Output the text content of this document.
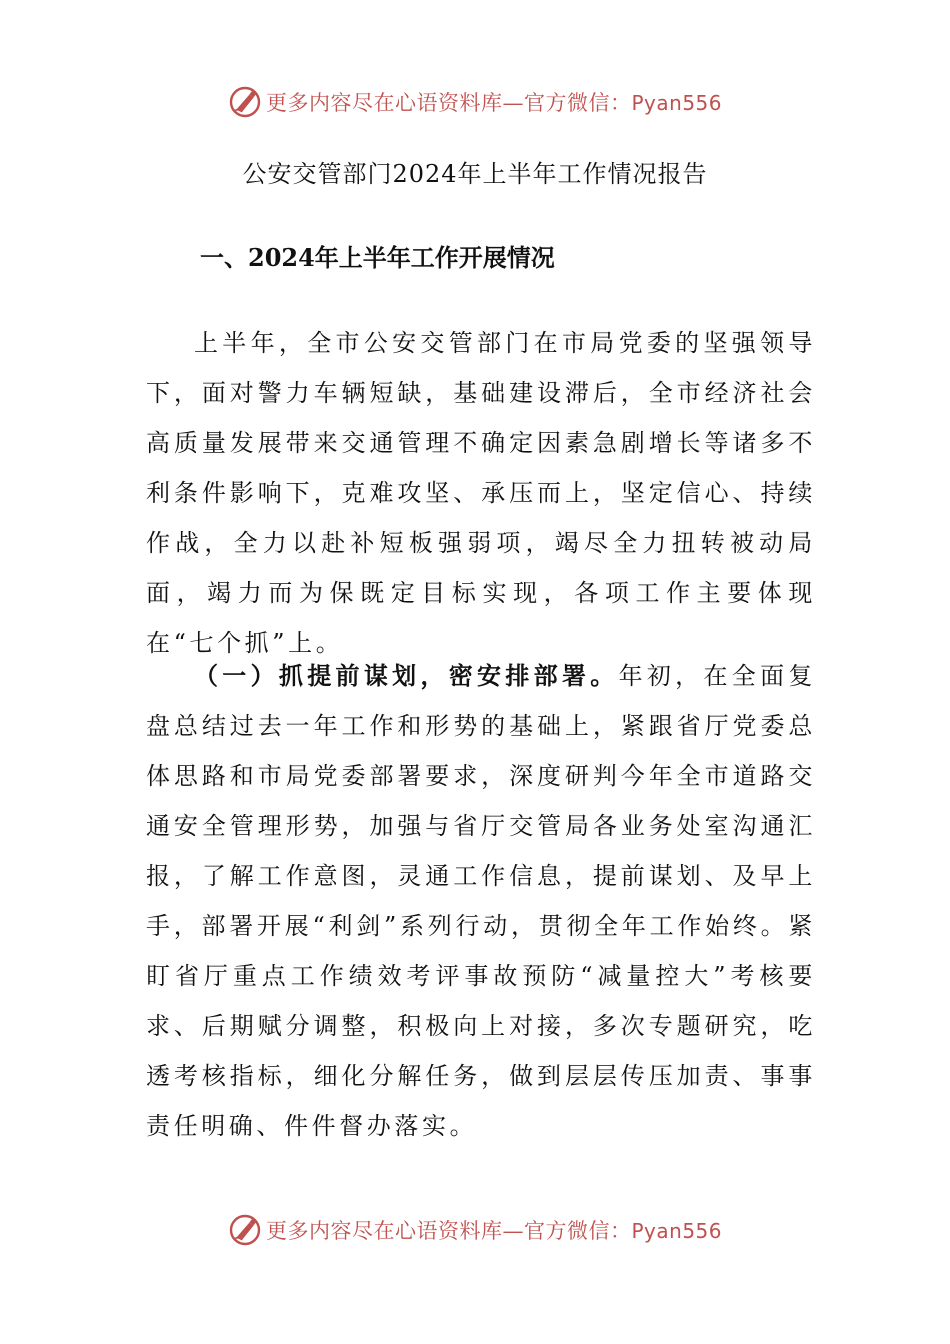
更多内容尽在心语资料库—官方微信：Pyan556
公安交管部门2024年上半年工作情况报告
一、2024年上半年工作开展情况

上半年，全市公安交管部门在市局党委的坚强领导下，面对警力车辆短缺，基础建设滞后，全市经济社会高质量发展带来交通管理不确定因素急剧增长等诸多不利条件影响下，克难攻坚、承压而上，坚定信心、持续作战，全力以赴补短板强弱项，竭尽全力扭转被动局面，竭力而为保既定目标实现，各项工作主要体现在“七个抓”上。

（一）抓提前谋划，密安排部署。年初，在全面复盘总结过去一年工作和形势的基础上，紧跟省厅党委总体思路和市局党委部署要求，深度研判今年全市道路交通安全管理形势，加强与省厅交管局各业务处室沟通汇报，了解工作意图，灵通工作信息，提前谋划、及早上手，部署开展“利剑”系列行动，贯彻全年工作始终。紧盯省厅重点工作绩效考评事故预防“减量控大”考核要求、后期赋分调整，积极向上对接，多次专题研究，吃透考核指标，细化分解任务，做到层层传压加责、事事责任明确、件件督办落实。

更多内容尽在心语资料库—官方微信：Pyan556
